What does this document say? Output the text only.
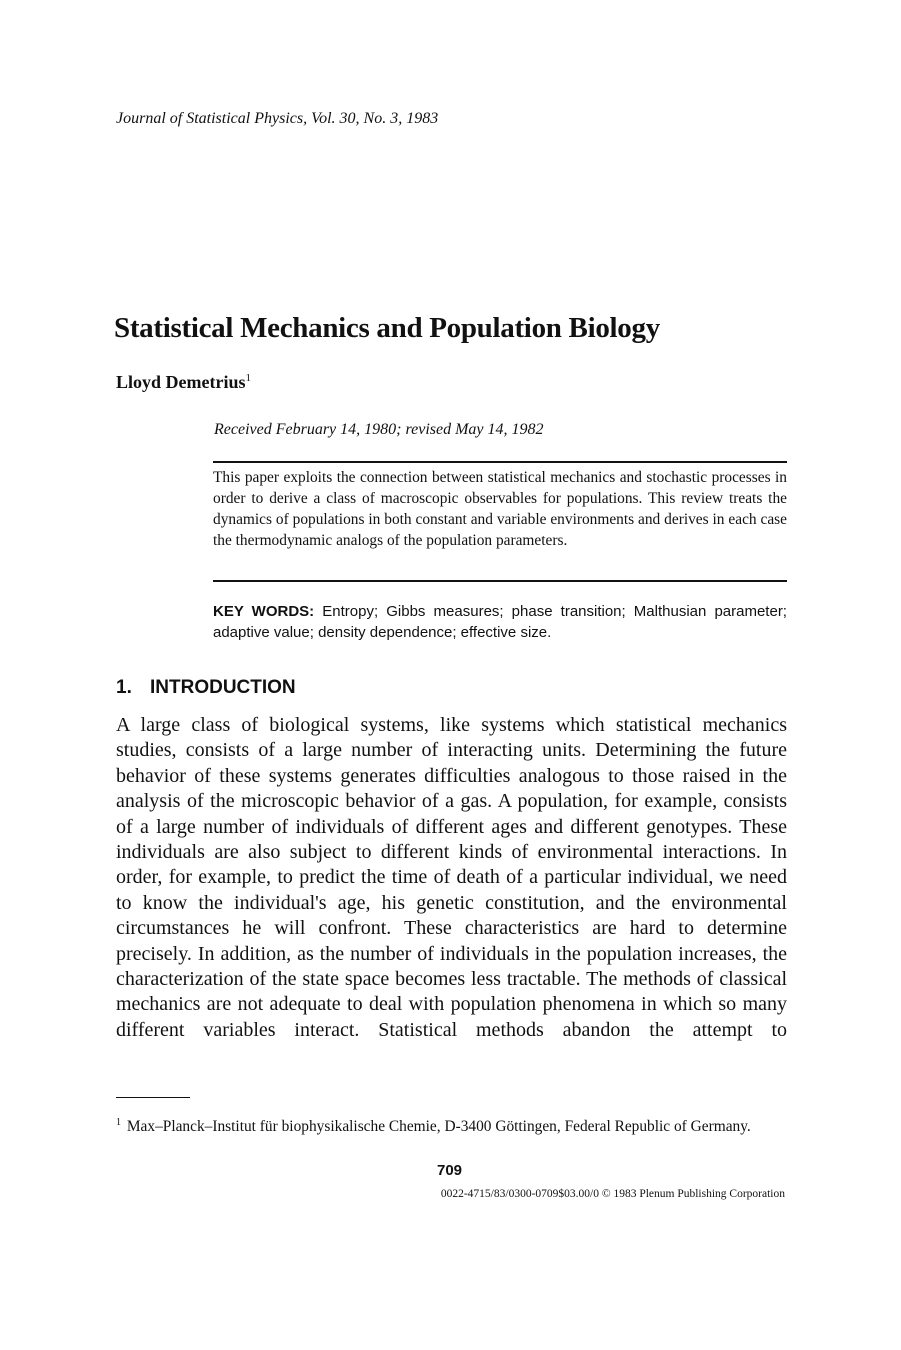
Journal of Statistical Physics, Vol. 30, No. 3, 1983
Statistical Mechanics and Population Biology
Lloyd Demetrius$^1$
Received February 14, 1980; revised May 14, 1982
This paper exploits the connection between statistical mechanics and stochastic processes in order to derive a class of macroscopic observables for populations. This review treats the dynamics of populations in both constant and variable environments and derives in each case the thermodynamic analogs of the population parameters.
KEY WORDS: Entropy; Gibbs measures; phase transition; Malthusian parameter; adaptive value; density dependence; effective size.
1. INTRODUCTION
A large class of biological systems, like systems which statistical mechanics studies, consists of a large number of interacting units. Determining the future behavior of these systems generates difficulties analogous to those raised in the analysis of the microscopic behavior of a gas. A population, for example, consists of a large number of individuals of different ages and different genotypes. These individuals are also subject to different kinds of environmental interactions. In order, for example, to predict the time of death of a particular individual, we need to know the individual's age, his genetic constitution, and the environmental circumstances he will confront. These characteristics are hard to determine precisely. In addition, as the number of individuals in the population increases, the characterization of the state space becomes less tractable. The methods of classical mechanics are not adequate to deal with population phenomena in which so many different variables interact. Statistical methods abandon the attempt to
$^1$ Max–Planck–Institut für biophysikalische Chemie, D-3400 Göttingen, Federal Republic of Germany.
709
0022-4715/83/0300-0709$03.00/0 © 1983 Plenum Publishing Corporation
